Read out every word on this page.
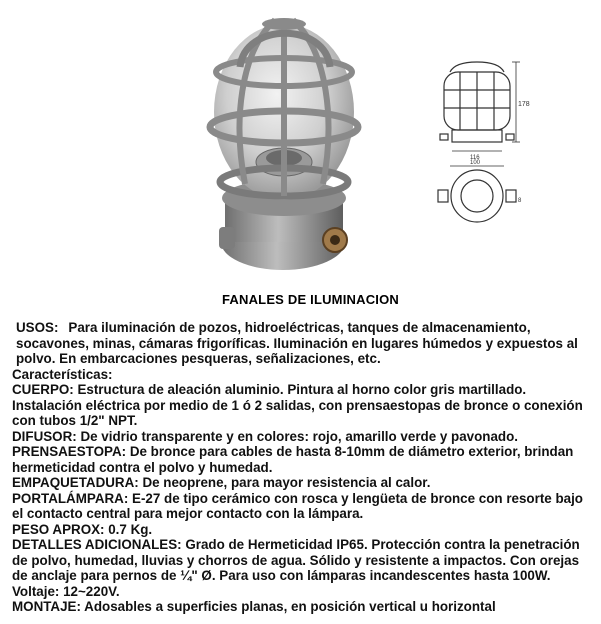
178
116
100
8
FANALES DE ILUMINACION

USOS: Para iluminación de pozos, hidroeléctricas, tanques de almacenamiento, socavones, minas, cámaras frigoríficas. Iluminación en lugares húmedos y expuestos al polvo. En embarcaciones pesqueras, señalizaciones, etc.

Características:

CUERPO: Estructura de aleación aluminio. Pintura al horno color gris martillado. Instalación eléctrica por medio de 1 ó 2 salidas, con prensaestopas de bronce o conexión con tubos 1/2" NPT.

DIFUSOR: De vidrio transparente y en colores: rojo, amarillo verde y pavonado.

PRENSAESTOPA: De bronce para cables de hasta 8-10mm de diámetro exterior, brindan hermeticidad contra el polvo y humedad.

EMPAQUETADURA: De neoprene, para mayor resistencia al calor.

PORTALÁMPARA: E-27 de tipo cerámico con rosca y lengüeta de bronce con resorte bajo el contacto central para mejor contacto con la lámpara.

PESO APROX: 0.7 Kg.

DETALLES ADICIONALES: Grado de Hermeticidad IP65. Protección contra la penetración de polvo, humedad, lluvias y chorros de agua. Sólido y resistente a impactos. Con orejas de anclaje para pernos de ¼" Ø. Para uso con lámparas incandescentes hasta 100W.

Voltaje: 12~220V.

MONTAJE: Adosables a superficies planas, en posición vertical u horizontal
